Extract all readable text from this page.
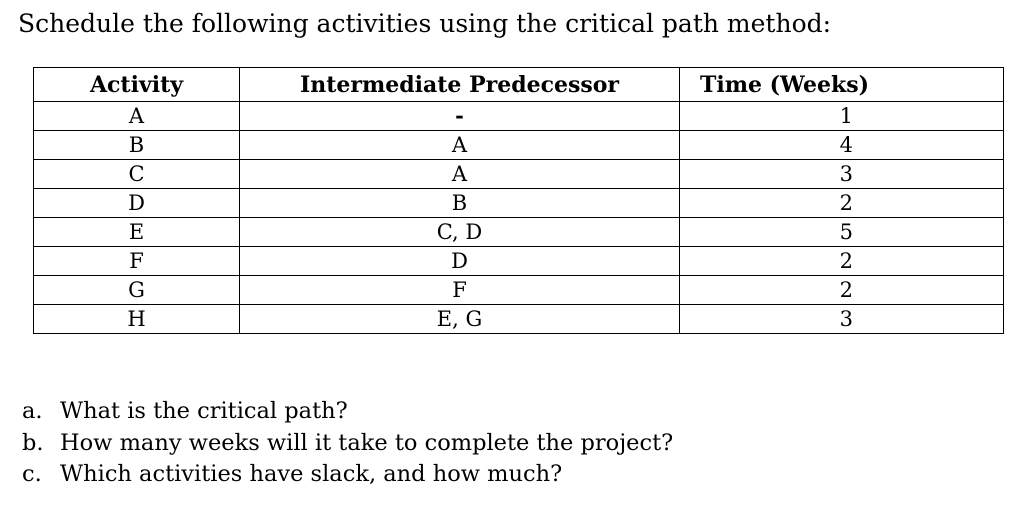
Schedule the following activities using the critical path method:
Activity	Intermediate Predecessor	Time (Weeks)
A	-	1
B	A	4
C	A	3
D	B	2
E	C, D	5
F	D	2
G	F	2
H	E, G	3
a. What is the critical path?
b. How many weeks will it take to complete the project?
c. Which activities have slack, and how much?
